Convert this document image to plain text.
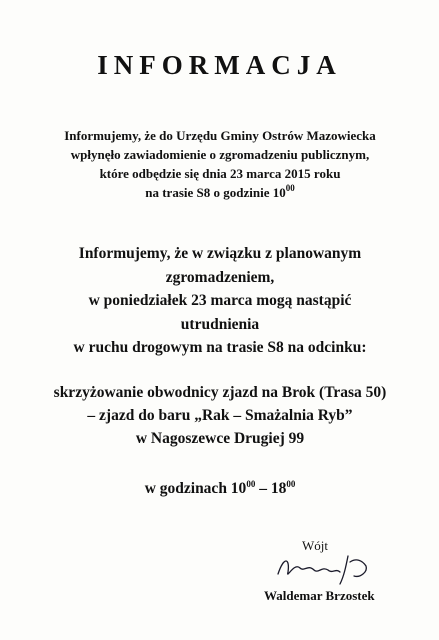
INFORMACJA
Informujemy, że do Urzędu Gminy Ostrów Mazowiecka
wpłynęło zawiadomienie o zgromadzeniu publicznym,
które odbędzie się dnia 23 marca 2015 roku
na trasie S8 o godzinie $10^{00}$
Informujemy, że w związku z planowanym
zgromadzeniem,
w poniedziałek 23 marca mogą nastąpić
utrudnienia
w ruchu drogowym na trasie S8 na odcinku:
skrzyżowanie obwodnicy zjazd na Brok (Trasa 50)
– zjazd do baru „Rak – Smażalnia Ryb”
w Nagoszewce Drugiej 99
w godzinach $10^{00} - 18^{00}$
Wójt
Waldemar Brzostek
